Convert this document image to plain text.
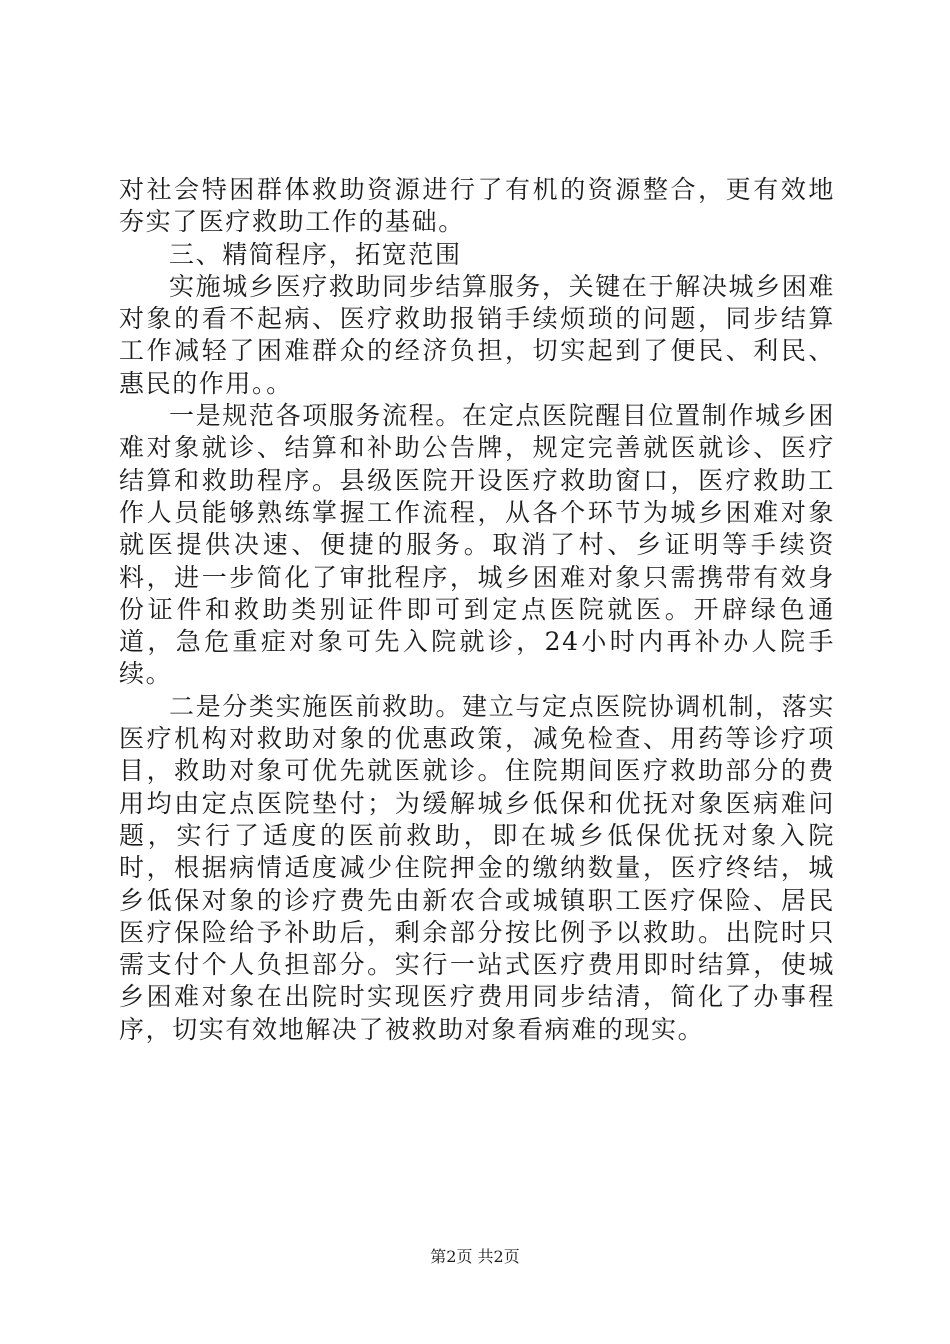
对社会特困群体救助资源进行了有机的资源整合，更有效地夯实了医疗救助工作的基础。

三、精简程序，拓宽范围

实施城乡医疗救助同步结算服务，关键在于解决城乡困难对象的看不起病、医疗救助报销手续烦琐的问题，同步结算工作减轻了困难群众的经济负担，切实起到了便民、利民、惠民的作用。。

一是规范各项服务流程。在定点医院醒目位置制作城乡困难对象就诊、结算和补助公告牌，规定完善就医就诊、医疗结算和救助程序。县级医院开设医疗救助窗口，医疗救助工作人员能够熟练掌握工作流程，从各个环节为城乡困难对象就医提供决速、便捷的服务。取消了村、乡证明等手续资料，进一步简化了审批程序，城乡困难对象只需携带有效身份证件和救助类别证件即可到定点医院就医。开辟绿色通道，急危重症对象可先入院就诊，24小时内再补办人院手续。

二是分类实施医前救助。建立与定点医院协调机制，落实医疗机构对救助对象的优惠政策，减免检查、用药等诊疗项目，救助对象可优先就医就诊。住院期间医疗救助部分的费用均由定点医院垫付；为缓解城乡低保和优抚对象医病难问题，实行了适度的医前救助，即在城乡低保优抚对象入院时，根据病情适度减少住院押金的缴纳数量，医疗终结，城乡低保对象的诊疗费先由新农合或城镇职工医疗保险、居民医疗保险给予补助后，剩余部分按比例予以救助。出院时只需支付个人负担部分。实行一站式医疗费用即时结算，使城乡困难对象在出院时实现医疗费用同步结清，简化了办事程序，切实有效地解决了被救助对象看病难的现实。

第2页 共2页
